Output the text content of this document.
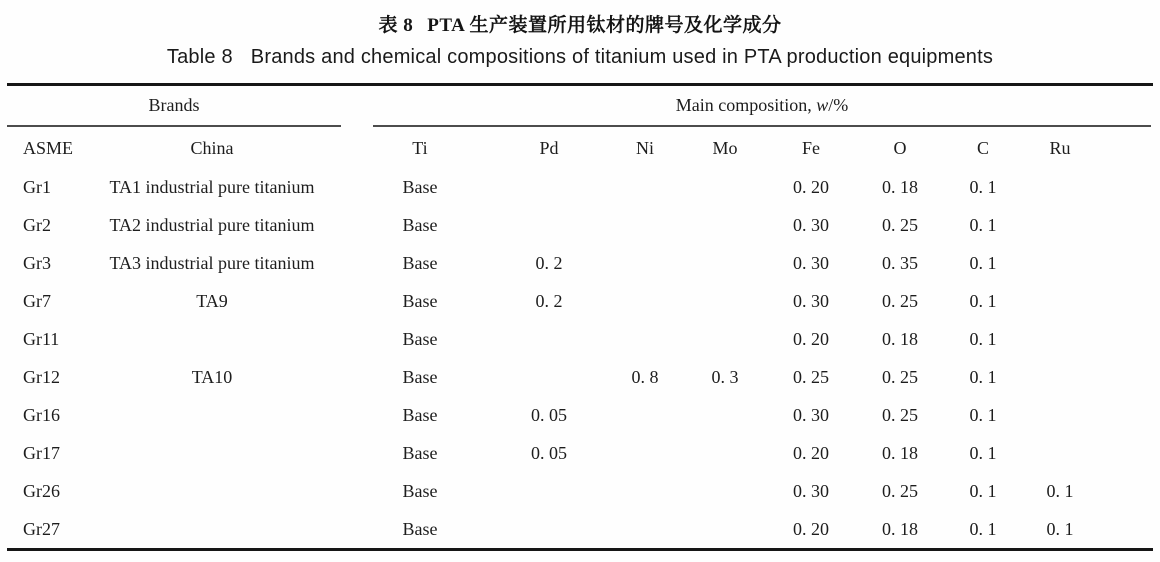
表 8 PTA 生产装置所用钛材的牌号及化学成分
Table 8 Brands and chemical compositions of titanium used in PTA production equipments
Brands		Main composition, w/%							

ASME	China	Ti	Pd	Ni	Mo	Fe	O	C	Ru
Gr1	TA1 industrial pure titanium	Base				0. 20	0. 18	0. 1	
Gr2	TA2 industrial pure titanium	Base				0. 30	0. 25	0. 1	
Gr3	TA3 industrial pure titanium	Base	0. 2			0. 30	0. 35	0. 1	
Gr7	TA9	Base	0. 2			0. 30	0. 25	0. 1	
Gr11		Base				0. 20	0. 18	0. 1	
Gr12	TA10	Base		0. 8	0. 3	0. 25	0. 25	0. 1	
Gr16		Base	0. 05			0. 30	0. 25	0. 1	
Gr17		Base	0. 05			0. 20	0. 18	0. 1	
Gr26		Base				0. 30	0. 25	0. 1	0. 1
Gr27		Base				0. 20	0. 18	0. 1	0. 1
